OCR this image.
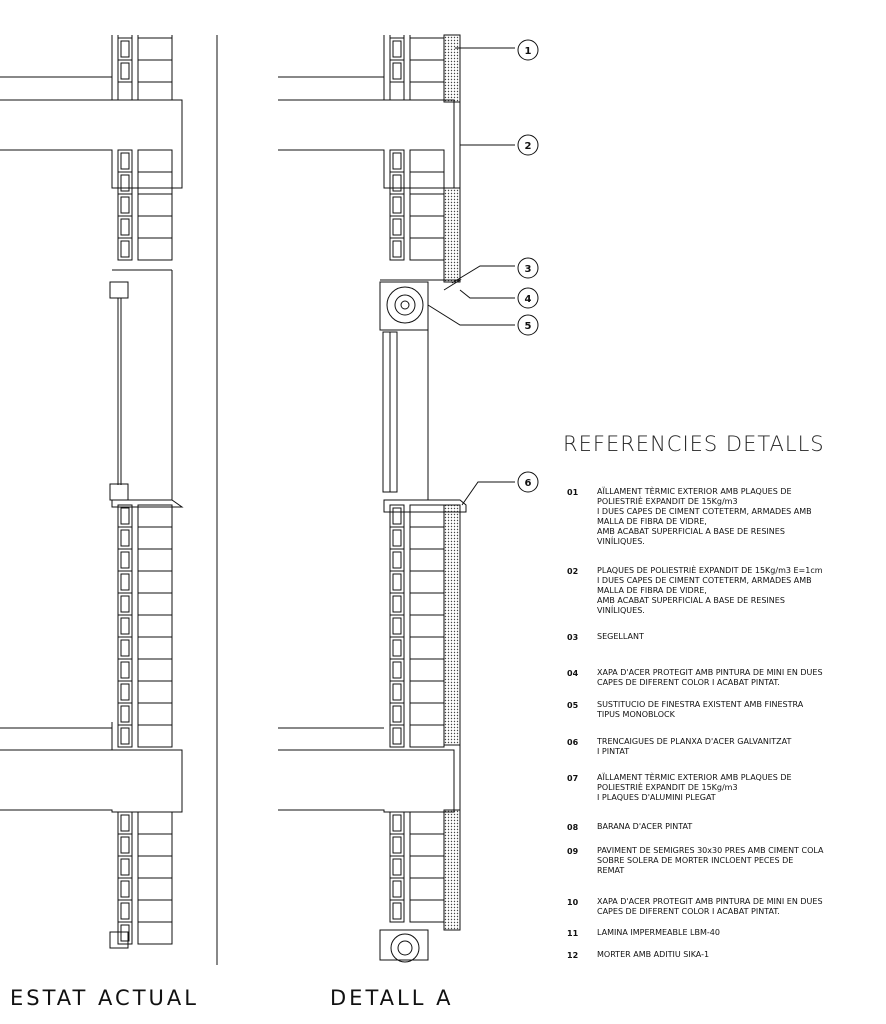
1
2
3
4
5
6
REFERENCIES DETALLS
01	AÏLLAMENT TÈRMIC EXTERIOR AMB PLAQUES DE
POLIESTRIÈ EXPANDIT DE 15Kg/m3
I DUES CAPES DE CIMENT COTETERM, ARMADES AMB
MALLA DE FIBRA DE VIDRE,
AMB ACABAT SUPERFICIAL A BASE DE RESINES
VINÍLIQUES.
02	PLAQUES DE POLIESTRIÈ EXPANDIT DE 15Kg/m3 E=1cm
I DUES CAPES DE CIMENT COTETERM, ARMADES AMB
MALLA DE FIBRA DE VIDRE,
AMB ACABAT SUPERFICIAL A BASE DE RESINES
VINÍLIQUES.
03	SEGELLANT
04	XAPA D'ACER PROTEGIT AMB PINTURA DE MINI EN DUES
CAPES DE DIFERENT COLOR I ACABAT PINTAT.
05	SUSTITUCIO DE FINESTRA EXISTENT AMB FINESTRA
TIPUS MONOBLOCK
06	TRENCAIGUES DE PLANXA D'ACER GALVANITZAT
I PINTAT
07	AÏLLAMENT TÈRMIC EXTERIOR AMB PLAQUES DE
POLIESTRIÈ EXPANDIT DE 15Kg/m3
I PLAQUES D'ALUMINI PLEGAT
08	BARANA D'ACER PINTAT
09	PAVIMENT DE SEMIGRES 30x30 PRES AMB CIMENT COLA
SOBRE SOLERA DE MORTER INCLOENT PECES DE
REMAT
10	XAPA D'ACER PROTEGIT AMB PINTURA DE MINI EN DUES
CAPES DE DIFERENT COLOR I ACABAT PINTAT.
11	LAMINA IMPERMEABLE LBM-40
12	MORTER AMB ADITIU SIKA-1
ESTAT ACTUAL	DETALL A
